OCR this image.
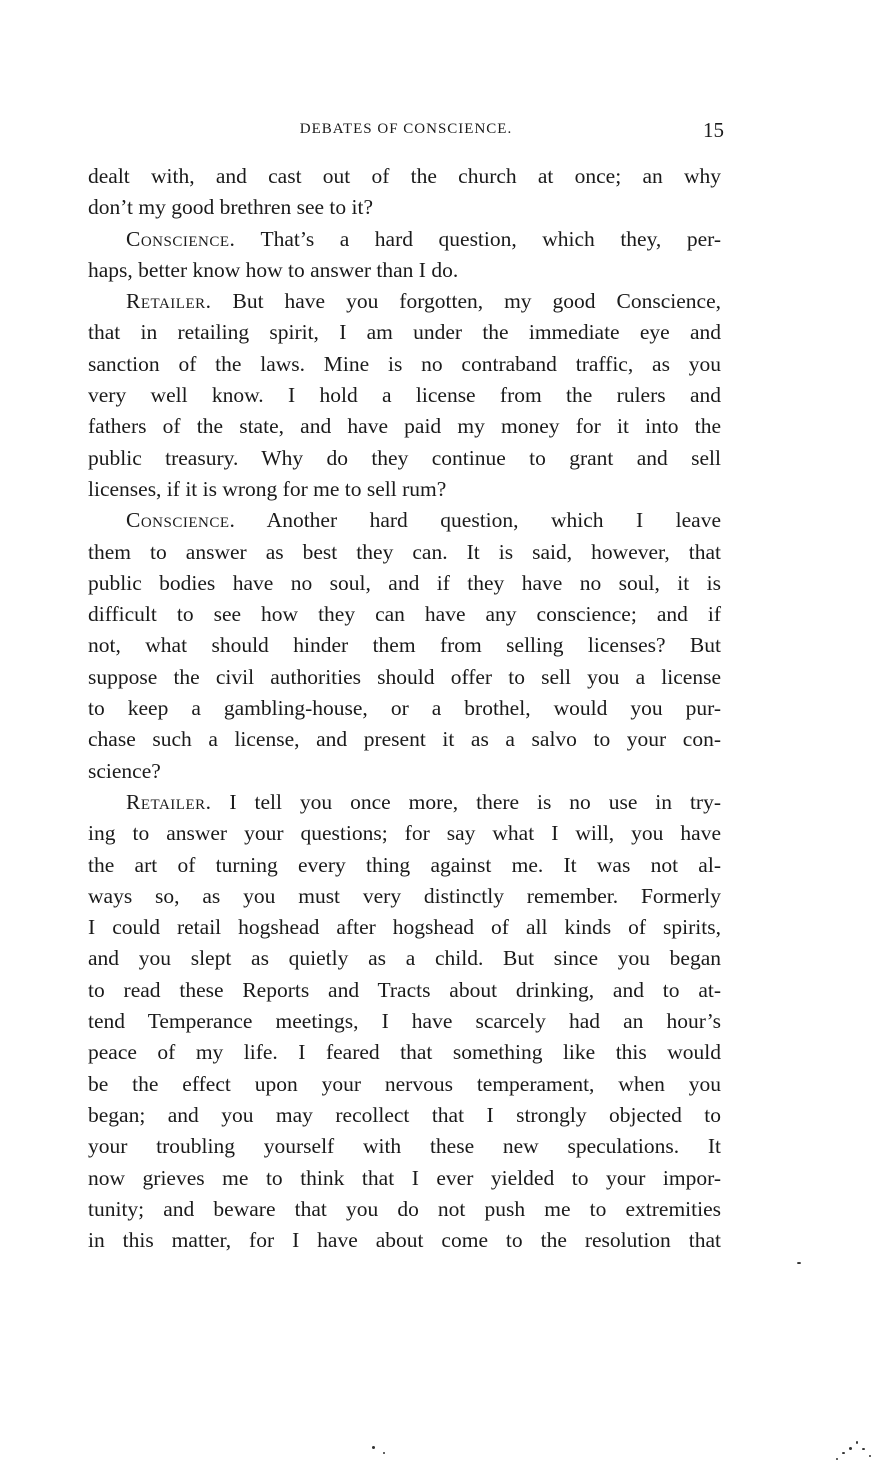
DEBATES OF CONSCIENCE.	15
dealt with, and cast out of the church at once; an why
don’t my good brethren see to it?
Conscience. That’s a hard question, which they, per-
haps, better know how to answer than I do.
Retailer. But have you forgotten, my good Conscience,
that in retailing spirit, I am under the immediate eye and
sanction of the laws. Mine is no contraband traffic, as you
very well know. I hold a license from the rulers and
fathers of the state, and have paid my money for it into the
public treasury. Why do they continue to grant and sell
licenses, if it is wrong for me to sell rum?
Conscience. Another hard question, which I leave
them to answer as best they can. It is said, however, that
public bodies have no soul, and if they have no soul, it is
difficult to see how they can have any conscience; and if
not, what should hinder them from selling licenses? But
suppose the civil authorities should offer to sell you a license
to keep a gambling-house, or a brothel, would you pur-
chase such a license, and present it as a salvo to your con-
science?
Retailer. I tell you once more, there is no use in try-
ing to answer your questions; for say what I will, you have
the art of turning every thing against me. It was not al-
ways so, as you must very distinctly remember. Formerly
I could retail hogshead after hogshead of all kinds of spirits,
and you slept as quietly as a child. But since you began
to read these Reports and Tracts about drinking, and to at-
tend Temperance meetings, I have scarcely had an hour’s
peace of my life. I feared that something like this would
be the effect upon your nervous temperament, when you
began; and you may recollect that I strongly objected to
your troubling yourself with these new speculations. It
now grieves me to think that I ever yielded to your impor-
tunity; and beware that you do not push me to extremities
in this matter, for I have about come to the resolution that
